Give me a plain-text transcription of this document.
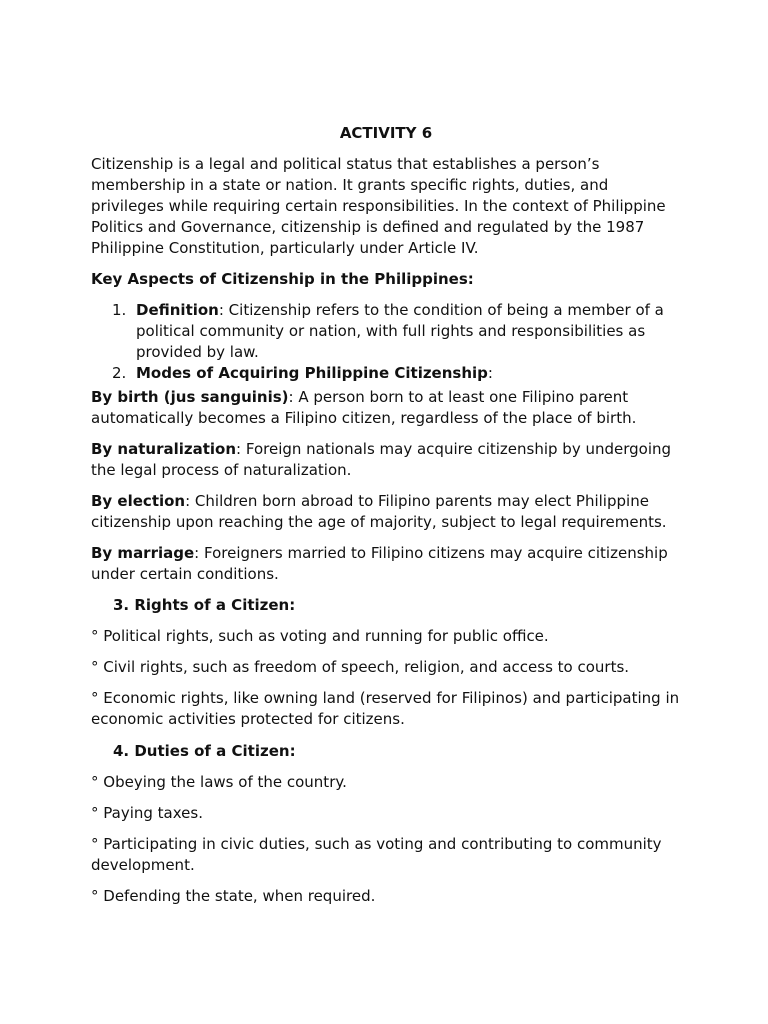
ACTIVITY 6

Citizenship is a legal and political status that establishes a person’s membership in a state or nation. It grants specific rights, duties, and privileges while requiring certain responsibilities. In the context of Philippine Politics and Governance, citizenship is defined and regulated by the 1987 Philippine Constitution, particularly under Article IV.

Key Aspects of Citizenship in the Philippines:

1. Definition: Citizenship refers to the condition of being a member of a political community or nation, with full rights and responsibilities as provided by law.
2. Modes of Acquiring Philippine Citizenship:

By birth (jus sanguinis): A person born to at least one Filipino parent automatically becomes a Filipino citizen, regardless of the place of birth.

By naturalization: Foreign nationals may acquire citizenship by undergoing the legal process of naturalization.

By election: Children born abroad to Filipino parents may elect Philippine citizenship upon reaching the age of majority, subject to legal requirements.

By marriage: Foreigners married to Filipino citizens may acquire citizenship under certain conditions.

3. Rights of a Citizen:

° Political rights, such as voting and running for public office.

° Civil rights, such as freedom of speech, religion, and access to courts.

° Economic rights, like owning land (reserved for Filipinos) and participating in economic activities protected for citizens.

4. Duties of a Citizen:

° Obeying the laws of the country.

° Paying taxes.

° Participating in civic duties, such as voting and contributing to community development.

° Defending the state, when required.
